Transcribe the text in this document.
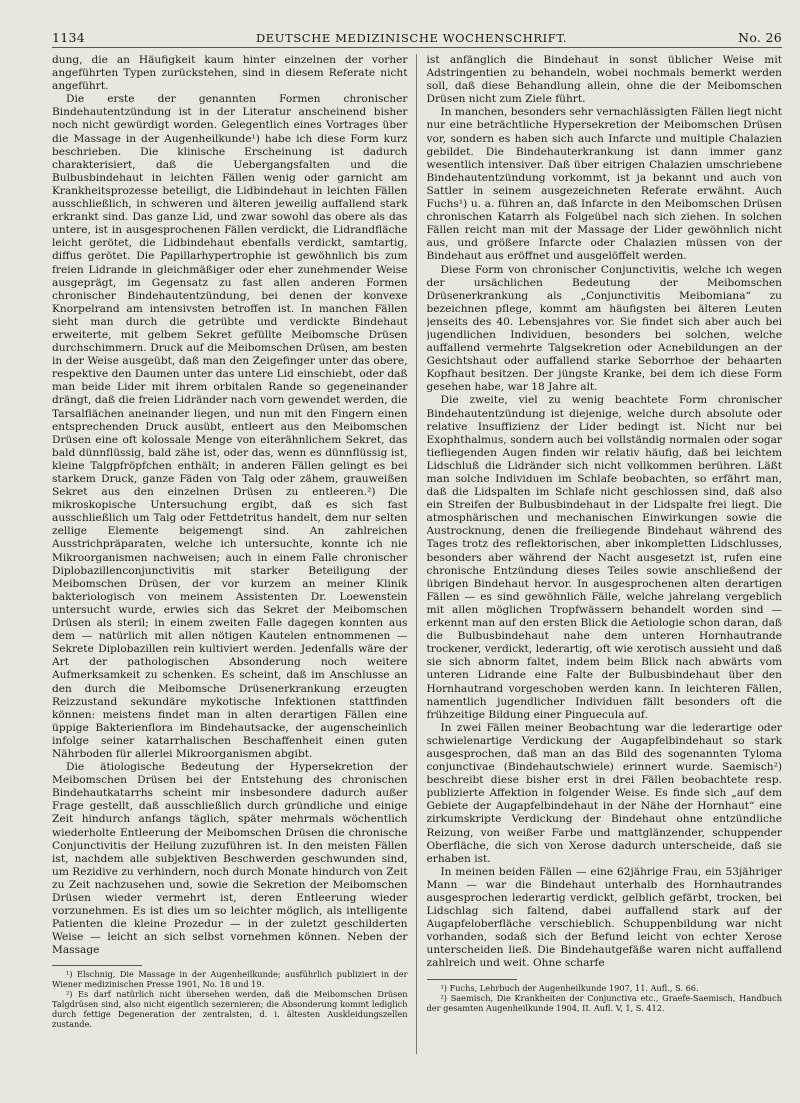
1134	DEUTSCHE MEDIZINISCHE WOCHENSCHRIFT.	No. 26

dung, die an Häufigkeit kaum hinter einzelnen der vorher angeführten Typen zurückstehen, sind in diesem Referate nicht angeführt.

Die erste der genannten Formen chronischer Bindehautentzündung ist in der Literatur anscheinend bisher noch nicht gewürdigt worden. Gelegentlich eines Vortrages über die Massage in der Augenheilkunde¹) habe ich diese Form kurz beschrieben. Die klinische Erscheinung ist dadurch charakterisiert, daß die Uebergangsfalten und die Bulbusbindehaut in leichten Fällen wenig oder garnicht am Krankheitsprozesse beteiligt, die Lidbindehaut in leichten Fällen ausschließlich, in schweren und älteren jeweilig auffallend stark erkrankt sind. Das ganze Lid, und zwar sowohl das obere als das untere, ist in ausgesprochenen Fällen verdickt, die Lidrandfläche leicht gerötet, die Lidbindehaut ebenfalls verdickt, samtartig, diffus gerötet. Die Papillarhypertrophie ist gewöhnlich bis zum freien Lidrande in gleichmäßiger oder eher zunehmender Weise ausgeprägt, im Gegensatz zu fast allen anderen Formen chronischer Bindehautentzündung, bei denen der konvexe Knorpelrand am intensivsten betroffen ist. In manchen Fällen sieht man durch die getrübte und verdickte Bindehaut erweiterte, mit gelbem Sekret gefüllte Meibomsche Drüsen durchschimmern. Druck auf die Meibomschen Drüsen, am besten in der Weise ausgeübt, daß man den Zeigefinger unter das obere, respektive den Daumen unter das untere Lid einschiebt, oder daß man beide Lider mit ihrem orbitalen Rande so gegeneinander drängt, daß die freien Lidränder nach vorn gewendet werden, die Tarsalflächen aneinander liegen, und nun mit den Fingern einen entsprechenden Druck ausübt, entleert aus den Meibomschen Drüsen eine oft kolossale Menge von eiterähnlichem Sekret, das bald dünnflüssig, bald zähe ist, oder das, wenn es dünnflüssig ist, kleine Talgpfröpfchen enthält; in anderen Fällen gelingt es bei starkem Druck, ganze Fäden von Talg oder zähem, grauweißen Sekret aus den einzelnen Drüsen zu entleeren.²) Die mikroskopische Untersuchung ergibt, daß es sich fast ausschließlich um Talg oder Fettdetritus handelt, dem nur selten zellige Elemente beigemengt sind. An zahlreichen Ausstrichpräparaten, welche ich untersuchte, konnte ich nie Mikroorganismen nachweisen; auch in einem Falle chronischer Diplobazillenconjunctivitis mit starker Beteiligung der Meibomschen Drüsen, der vor kurzem an meiner Klinik bakteriologisch von meinem Assistenten Dr. Loewenstein untersucht wurde, erwies sich das Sekret der Meibomschen Drüsen als steril; in einem zweiten Falle dagegen konnten aus dem — natürlich mit allen nötigen Kautelen entnommenen — Sekrete Diplobazillen rein kultiviert werden. Jedenfalls wäre der Art der pathologischen Absonderung noch weitere Aufmerksamkeit zu schenken. Es scheint, daß im Anschlusse an den durch die Meibomsche Drüsenerkrankung erzeugten Reizzustand sekundäre mykotische Infektionen stattfinden können: meistens findet man in alten derartigen Fällen eine üppige Bakterienflora im Bindehautsacke, der augenscheinlich infolge seiner katarrhalischen Beschaffenheit einen guten Nährboden für allerlei Mikroorganismen abgibt.

Die ätiologische Bedeutung der Hypersekretion der Meibomschen Drüsen bei der Entstehung des chronischen Bindehautkatarrhs scheint mir insbesondere dadurch außer Frage gestellt, daß ausschließlich durch gründliche und einige Zeit hindurch anfangs täglich, später mehrmals wöchentlich wiederholte Entleerung der Meibomschen Drüsen die chronische Conjunctivitis der Heilung zuzuführen ist. In den meisten Fällen ist, nachdem alle subjektiven Beschwerden geschwunden sind, um Rezidive zu verhindern, noch durch Monate hindurch von Zeit zu Zeit nachzusehen und, sowie die Sekretion der Meibomschen Drüsen wieder vermehrt ist, deren Entleerung wieder vorzunehmen. Es ist dies um so leichter möglich, als intelligente Patienten die kleine Prozedur — in der zuletzt geschilderten Weise — leicht an sich selbst vornehmen können. Neben der Massage

¹) Elschnig, Die Massage in der Augenheilkunde; ausführlich publiziert in der Wiener medizinischen Presse 1901, No. 18 und 19.

²) Es darf natürlich nicht übersehen werden, daß die Meibomschen Drüsen Talgdrüsen sind, also nicht eigentlich sezernieren; die Absonderung kommt lediglich durch fettige Degeneration der zentralsten, d. i. ältesten Auskleidungszellen zustande.

ist anfänglich die Bindehaut in sonst üblicher Weise mit Adstringentien zu behandeln, wobei nochmals bemerkt werden soll, daß diese Behandlung allein, ohne die der Meibomschen Drüsen nicht zum Ziele führt.

In manchen, besonders sehr vernachlässigten Fällen liegt nicht nur eine beträchtliche Hypersekretion der Meibomschen Drüsen vor, sondern es haben sich auch Infarcte und multiple Chalazien gebildet. Die Bindehauterkrankung ist dann immer ganz wesentlich intensiver. Daß über eitrigen Chalazien umschriebene Bindehautentzündung vorkommt, ist ja bekannt und auch von Sattler in seinem ausgezeichneten Referate erwähnt. Auch Fuchs¹) u. a. führen an, daß Infarcte in den Meibomschen Drüsen chronischen Katarrh als Folgeübel nach sich ziehen. In solchen Fällen reicht man mit der Massage der Lider gewöhnlich nicht aus, und größere Infarcte oder Chalazien müssen von der Bindehaut aus eröffnet und ausgelöffelt werden.

Diese Form von chronischer Conjunctivitis, welche ich wegen der ursächlichen Bedeutung der Meibomschen Drüsenerkrankung als „Conjunctivitis Meibomiana“ zu bezeichnen pflege, kommt am häufigsten bei älteren Leuten jenseits des 40. Lebensjahres vor. Sie findet sich aber auch bei jugendlichen Individuen, besonders bei solchen, welche auffallend vermehrte Talgsekretion oder Acnebildungen an der Gesichtshaut oder auffallend starke Seborrhoe der behaarten Kopfhaut besitzen. Der jüngste Kranke, bei dem ich diese Form gesehen habe, war 18 Jahre alt.

Die zweite, viel zu wenig beachtete Form chronischer Bindehautentzündung ist diejenige, welche durch absolute oder relative Insuffizienz der Lider bedingt ist. Nicht nur bei Exophthalmus, sondern auch bei vollständig normalen oder sogar tiefliegenden Augen finden wir relativ häufig, daß bei leichtem Lidschluß die Lidränder sich nicht vollkommen berühren. Läßt man solche Individuen im Schlafe beobachten, so erfährt man, daß die Lidspalten im Schlafe nicht geschlossen sind, daß also ein Streifen der Bulbusbindehaut in der Lidspalte frei liegt. Die atmosphärischen und mechanischen Einwirkungen sowie die Austrocknung, denen die freiliegende Bindehaut während des Tages trotz des reflektorischen, aber inkompletten Lidschlusses, besonders aber während der Nacht ausgesetzt ist, rufen eine chronische Entzündung dieses Teiles sowie anschließend der übrigen Bindehaut hervor. In ausgesprochenen alten derartigen Fällen — es sind gewöhnlich Fälle, welche jahrelang vergeblich mit allen möglichen Tropfwässern behandelt worden sind — erkennt man auf den ersten Blick die Aetiologie schon daran, daß die Bulbusbindehaut nahe dem unteren Hornhautrande trockener, verdickt, lederartig, oft wie xerotisch aussieht und daß sie sich abnorm faltet, indem beim Blick nach abwärts vom unteren Lidrande eine Falte der Bulbusbindehaut über den Hornhautrand vorgeschoben werden kann. In leichteren Fällen, namentlich jugendlicher Individuen fällt besonders oft die frühzeitige Bildung einer Pinguecula auf.

In zwei Fällen meiner Beobachtung war die lederartige oder schwielenartige Verdickung der Augapfelbindehaut so stark ausgesprochen, daß man an das Bild des sogenannten Tyloma conjunctivae (Bindehautschwiele) erinnert wurde. Saemisch²) beschreibt diese bisher erst in drei Fällen beobachtete resp. publizierte Affektion in folgender Weise. Es finde sich „auf dem Gebiete der Augapfelbindehaut in der Nähe der Hornhaut“ eine zirkumskripte Verdickung der Bindehaut ohne entzündliche Reizung, von weißer Farbe und mattglänzender, schuppender Oberfläche, die sich von Xerose dadurch unterscheide, daß sie erhaben ist.

In meinen beiden Fällen — eine 62jährige Frau, ein 53jähriger Mann — war die Bindehaut unterhalb des Hornhautrandes ausgesprochen lederartig verdickt, gelblich gefärbt, trocken, bei Lidschlag sich faltend, dabei auffallend stark auf der Augapfeloberfläche verschieblich. Schuppenbildung war nicht vorhanden, sodaß sich der Befund leicht von echter Xerose unterscheiden ließ. Die Bindehautgefäße waren nicht auffallend zahlreich und weit. Ohne scharfe

¹) Fuchs, Lehrbuch der Augenheilkunde 1907, 11. Aufl., S. 66.

²) Saemisch, Die Krankheiten der Conjunctiva etc., Graefe-Saemisch, Handbuch der gesamten Augenheilkunde 1904, II. Aufl. V, 1, S. 412.
